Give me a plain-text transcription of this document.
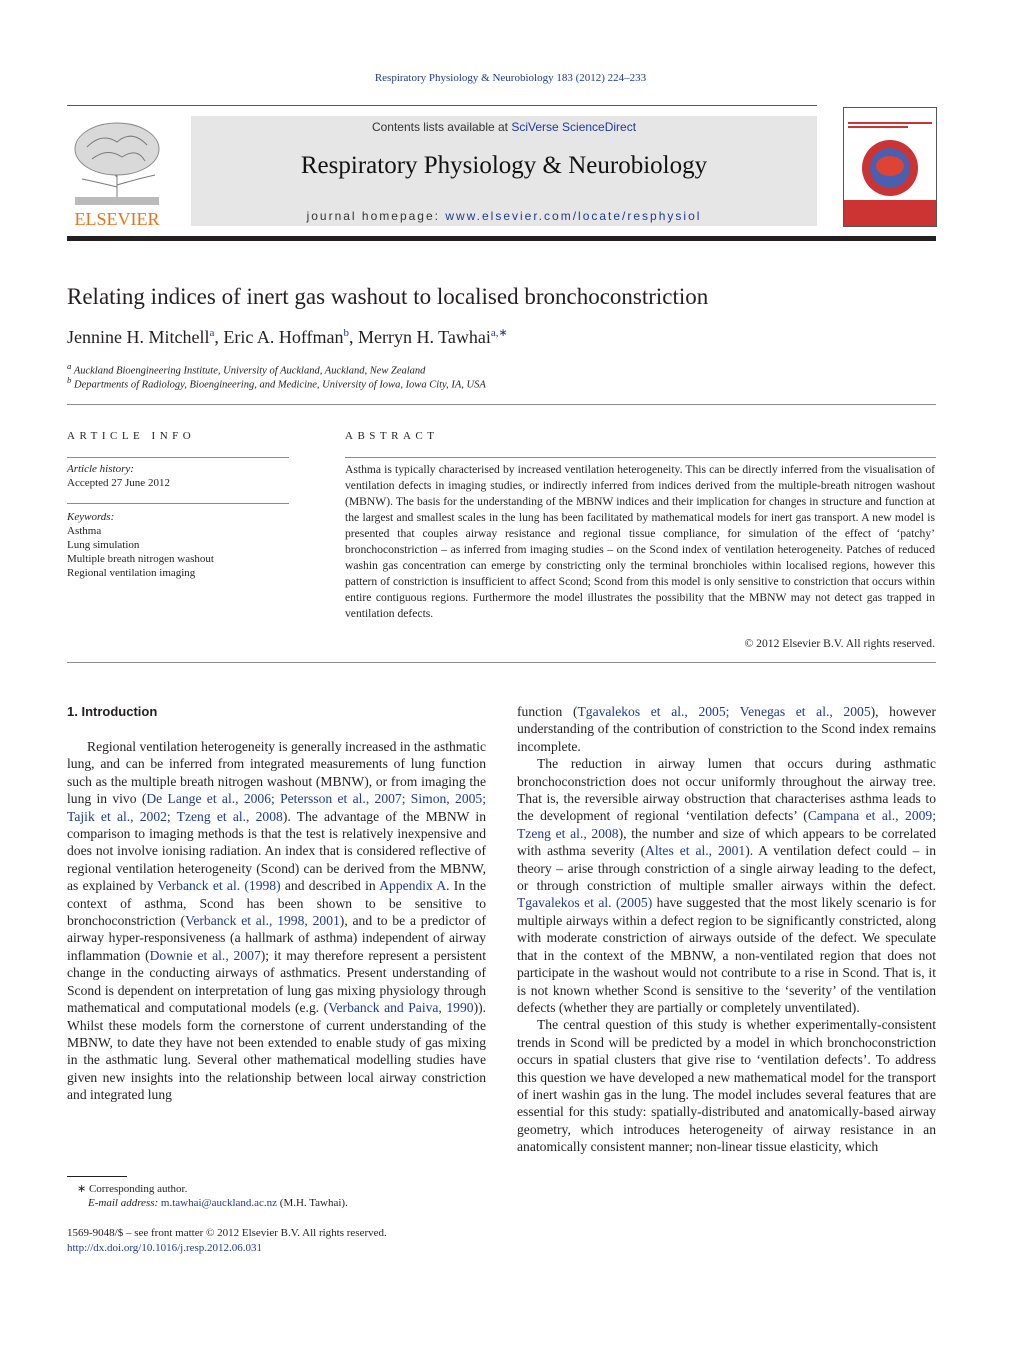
Respiratory Physiology & Neurobiology 183 (2012) 224–233
ELSEVIER
Contents lists available at SciVerse ScienceDirect
Respiratory Physiology & Neurobiology
journal homepage: www.elsevier.com/locate/resphysiol
Relating indices of inert gas washout to localised bronchoconstriction
Jennine H. Mitchell$^a$, Eric A. Hoffman$^b$, Merryn H. Tawhai$^{a,∗}$
$^a$ Auckland Bioengineering Institute, University of Auckland, Auckland, New Zealand
$^b$ Departments of Radiology, Bioengineering, and Medicine, University of Iowa, Iowa City, IA, USA
ARTICLE INFO
Article history:
Accepted 27 June 2012
Keywords:
Asthma
Lung simulation
Multiple breath nitrogen washout
Regional ventilation imaging
ABSTRACT
Asthma is typically characterised by increased ventilation heterogeneity. This can be directly inferred from the visualisation of ventilation defects in imaging studies, or indirectly inferred from indices derived from the multiple-breath nitrogen washout (MBNW). The basis for the understanding of the MBNW indices and their implication for changes in structure and function at the largest and smallest scales in the lung has been facilitated by mathematical models for inert gas transport. A new model is presented that couples airway resistance and regional tissue compliance, for simulation of the effect of ‘patchy’ bronchoconstriction – as inferred from imaging studies – on the Scond index of ventilation heterogeneity. Patches of reduced washin gas concentration can emerge by constricting only the terminal bronchioles within localised regions, however this pattern of constriction is insufficient to affect Scond; Scond from this model is only sensitive to constriction that occurs within entire contiguous regions. Furthermore the model illustrates the possibility that the MBNW may not detect gas trapped in ventilation defects.
© 2012 Elsevier B.V. All rights reserved.
1. Introduction

Regional ventilation heterogeneity is generally increased in the asthmatic lung, and can be inferred from integrated measurements of lung function such as the multiple breath nitrogen washout (MBNW), or from imaging the lung in vivo (De Lange et al., 2006; Petersson et al., 2007; Simon, 2005; Tajik et al., 2002; Tzeng et al., 2008). The advantage of the MBNW in comparison to imaging methods is that the test is relatively inexpensive and does not involve ionising radiation. An index that is considered reflective of regional ventilation heterogeneity (Scond) can be derived from the MBNW, as explained by Verbanck et al. (1998) and described in Appendix A. In the context of asthma, Scond has been shown to be sensitive to bronchoconstriction (Verbanck et al., 1998, 2001), and to be a predictor of airway hyper-responsiveness (a hallmark of asthma) independent of airway inflammation (Downie et al., 2007); it may therefore represent a persistent change in the conducting airways of asthmatics. Present understanding of Scond is dependent on interpretation of lung gas mixing physiology through mathematical and computational models (e.g. (Verbanck and Paiva, 1990)). Whilst these models form the cornerstone of current understanding of the MBNW, to date they have not been extended to enable study of gas mixing in the asthmatic lung. Several other mathematical modelling studies have given new insights into the relationship between local airway constriction and integrated lung

function (Tgavalekos et al., 2005; Venegas et al., 2005), however understanding of the contribution of constriction to the Scond index remains incomplete.

The reduction in airway lumen that occurs during asthmatic bronchoconstriction does not occur uniformly throughout the airway tree. That is, the reversible airway obstruction that characterises asthma leads to the development of regional ‘ventilation defects’ (Campana et al., 2009; Tzeng et al., 2008), the number and size of which appears to be correlated with asthma severity (Altes et al., 2001). A ventilation defect could – in theory – arise through constriction of a single airway leading to the defect, or through constriction of multiple smaller airways within the defect. Tgavalekos et al. (2005) have suggested that the most likely scenario is for multiple airways within a defect region to be significantly constricted, along with moderate constriction of airways outside of the defect. We speculate that in the context of the MBNW, a non-ventilated region that does not participate in the washout would not contribute to a rise in Scond. That is, it is not known whether Scond is sensitive to the ‘severity’ of the ventilation defects (whether they are partially or completely unventilated).

The central question of this study is whether experimentally-consistent trends in Scond will be predicted by a model in which bronchoconstriction occurs in spatial clusters that give rise to ‘ventilation defects’. To address this question we have developed a new mathematical model for the transport of inert washin gas in the lung. The model includes several features that are essential for this study: spatially-distributed and anatomically-based airway geometry, which introduces heterogeneity of airway resistance in an anatomically consistent manner; non-linear tissue elasticity, which

∗ Corresponding author.
E-mail address: m.tawhai@auckland.ac.nz (M.H. Tawhai).
1569-9048/$ – see front matter © 2012 Elsevier B.V. All rights reserved.
http://dx.doi.org/10.1016/j.resp.2012.06.031
